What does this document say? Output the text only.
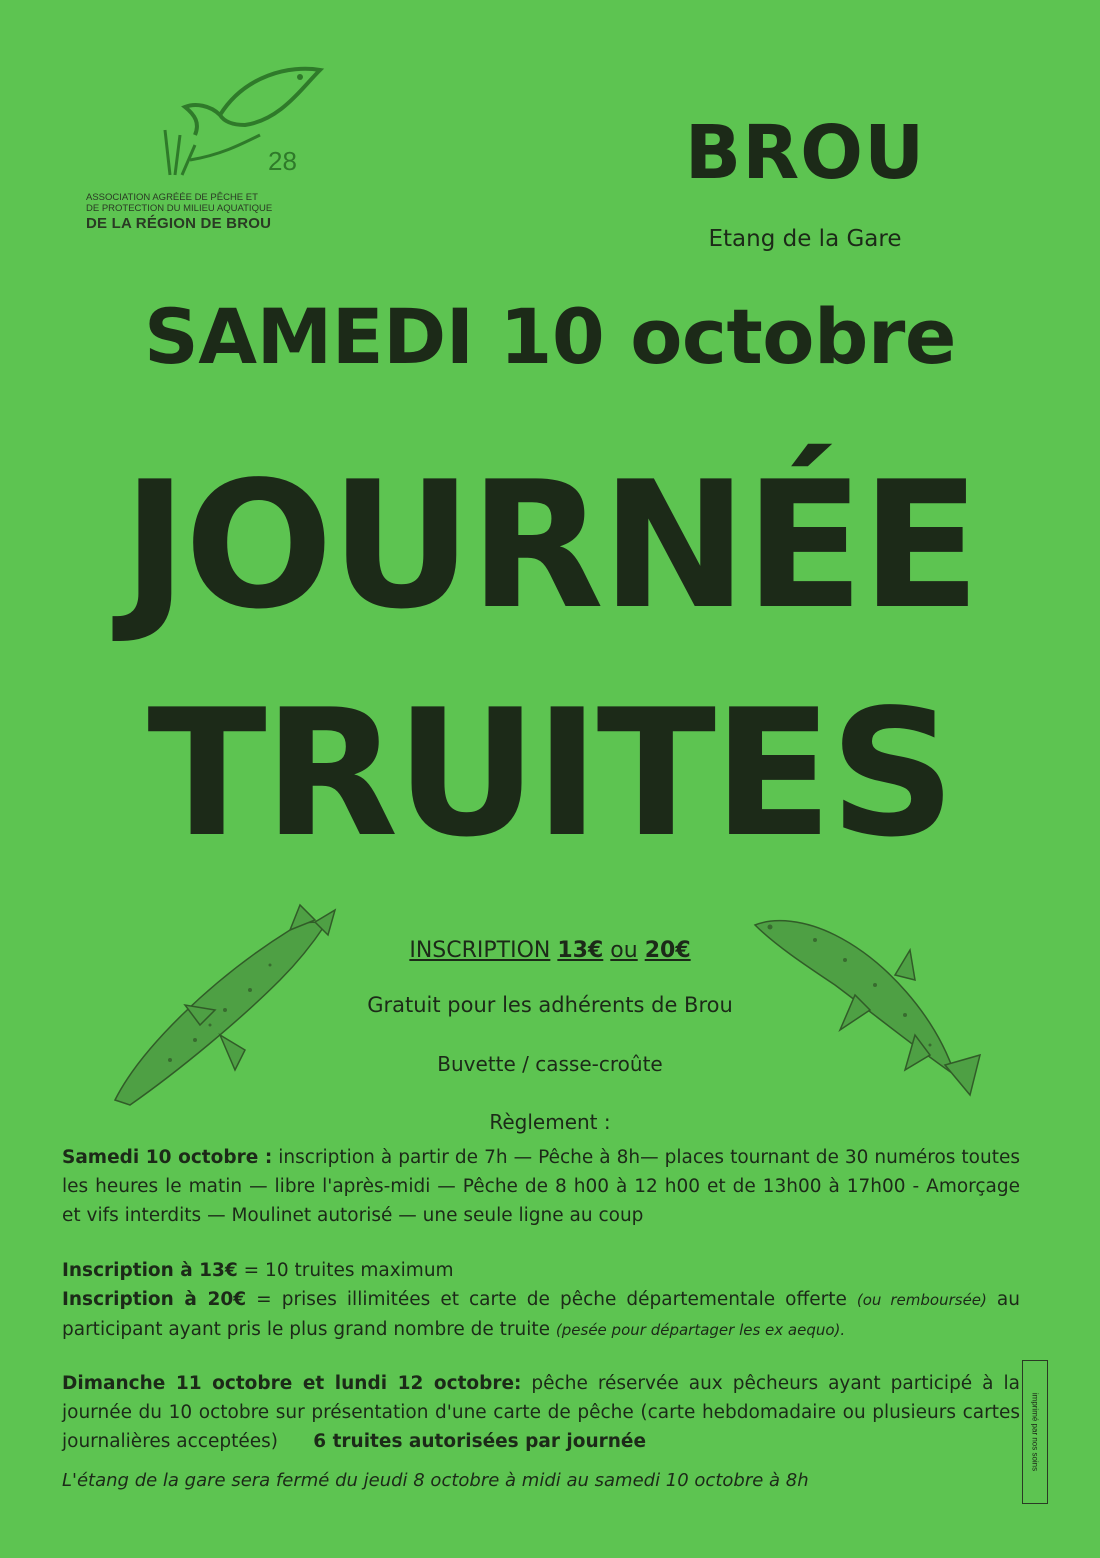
28
ASSOCIATION AGRÉÉE DE PÊCHE ET
DE PROTECTION DU MILIEU AQUATIQUE
DE LA RÉGION DE BROU
BROU
Etang de la Gare
SAMEDI 10 octobre
JOURNÉE
TRUITES
INSCRIPTION 13€ ou 20€
Gratuit pour les adhérents de Brou
Buvette / casse-croûte
Règlement :
Samedi 10 octobre : inscription à partir de 7h — Pêche à 8h— places tournant de 30 numéros toutes les heures le matin — libre l'après-midi — Pêche de 8 h00 à 12 h00 et de 13h00 à 17h00 - Amorçage et vifs interdits — Moulinet autorisé — une seule ligne au coup
Inscription à 13€ = 10 truites maximum
Inscription à 20€ = prises illimitées et carte de pêche départementale offerte (ou remboursée) au participant ayant pris le plus grand nombre de truite (pesée pour départager les ex aequo).
Dimanche 11 octobre et lundi 12 octobre: pêche réservée aux pêcheurs ayant participé à la journée du 10 octobre sur présentation d'une carte de pêche (carte hebdomadaire ou plusieurs cartes journalières acceptées) 6 truites autorisées par journée
L'étang de la gare sera fermé du jeudi 8 octobre à midi au samedi 10 octobre à 8h
imprimé par nos soins
